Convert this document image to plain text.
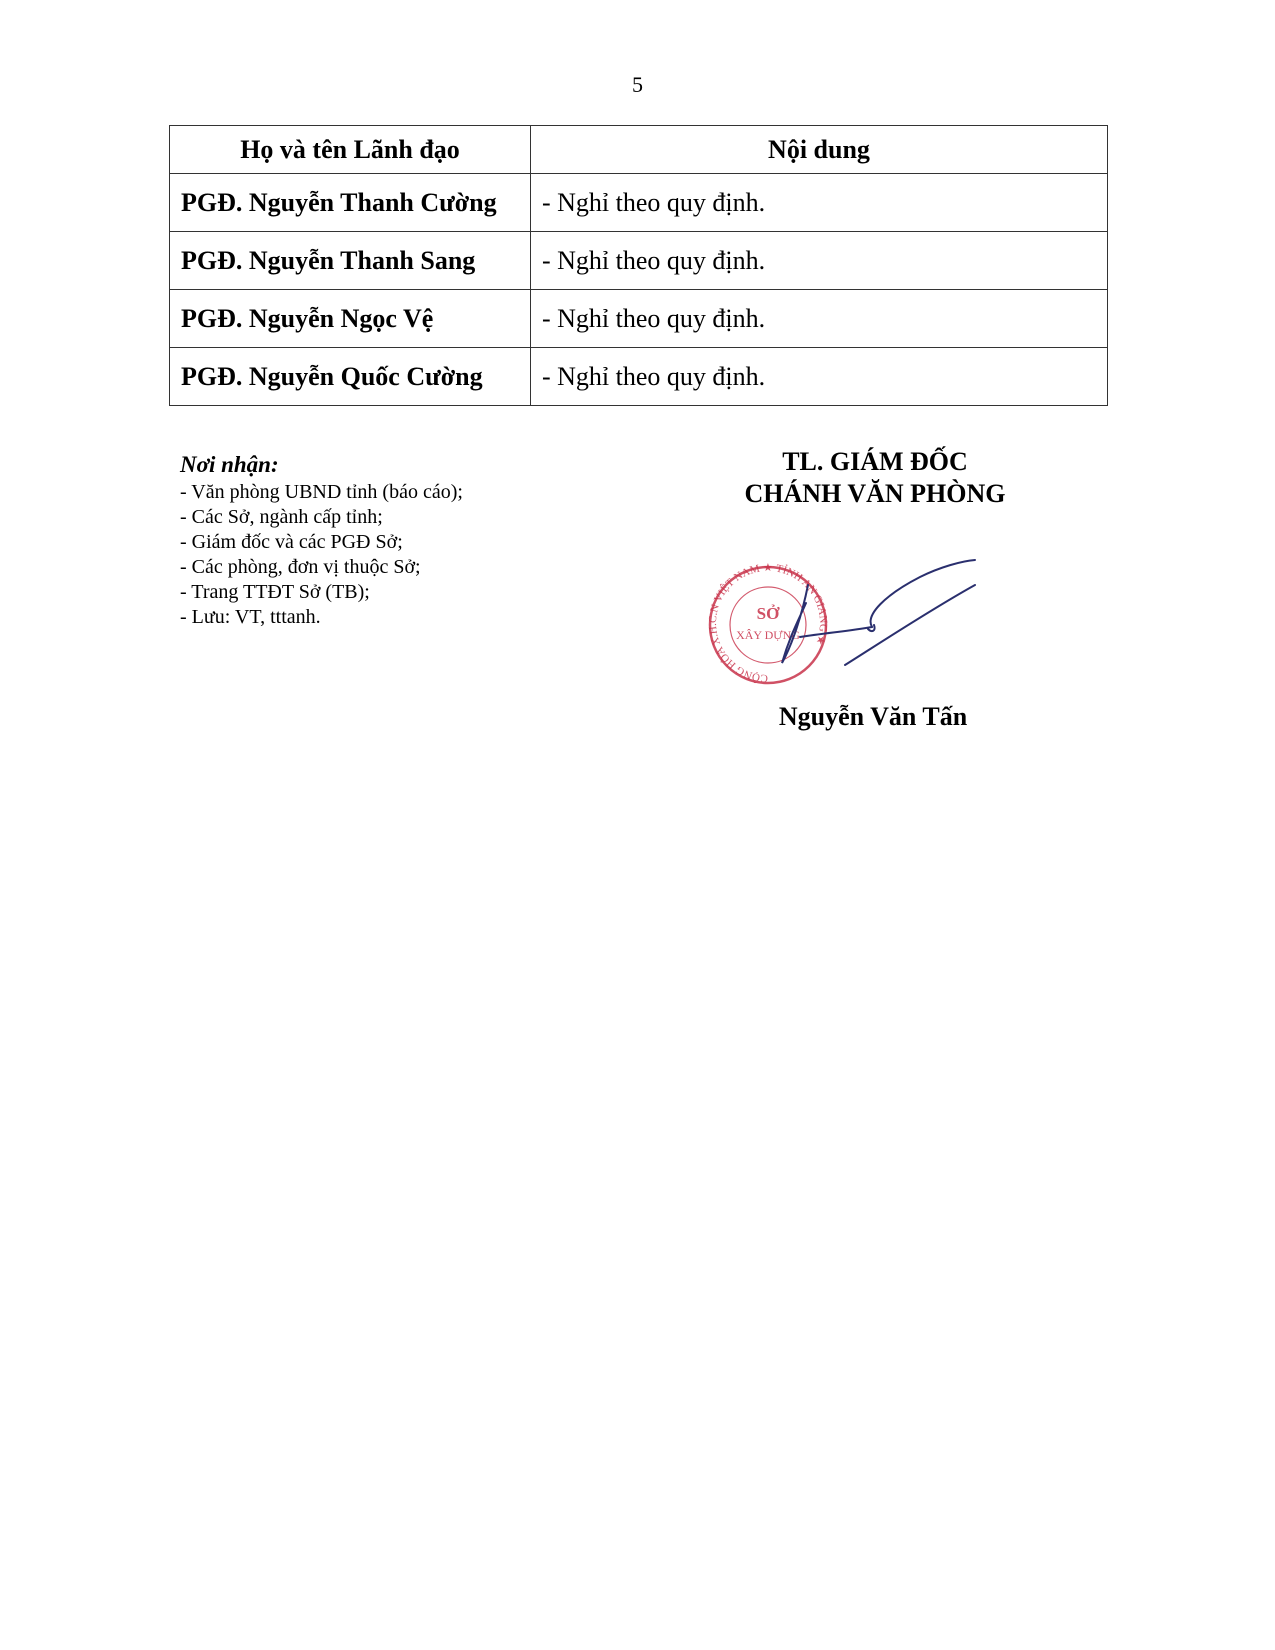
5
Họ và tên Lãnh đạo	Nội dung
PGĐ. Nguyễn Thanh Cường	- Nghỉ theo quy định.
PGĐ. Nguyễn Thanh Sang	- Nghỉ theo quy định.
PGĐ. Nguyễn Ngọc Vệ	- Nghỉ theo quy định.
PGĐ. Nguyễn Quốc Cường	- Nghỉ theo quy định.
Nơi nhận:
- Văn phòng UBND tỉnh (báo cáo);
- Các Sở, ngành cấp tỉnh;
- Giám đốc và các PGĐ Sở;
- Các phòng, đơn vị thuộc Sở;
- Trang TTĐT Sở (TB);
- Lưu: VT, tttanh.
TL. GIÁM ĐỐC
CHÁNH VĂN PHÒNG
CỘNG HÒA X.H.C.N VIỆT NAM ★ TỈNH AN GIANG ★
SỞ
XÂY DỰNG
Nguyễn Văn Tấn
